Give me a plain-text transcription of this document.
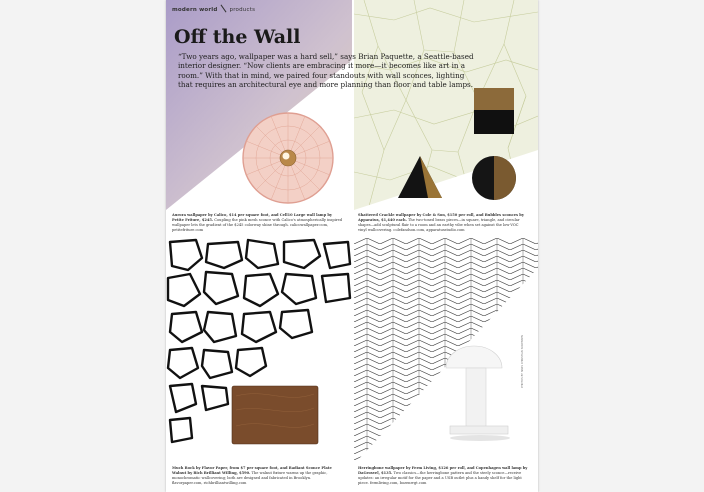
modern world products
Off the Wall

“Two years ago, wallpaper was a hard sell,” says Brian Paquette, a Seattle-based interior designer. “Now clients are embracing it more—it becomes like art in a room.” With that in mind, we paired four standouts with wall sconces, lighting that requires an architectural eye and more planning than floor and table lamps.

Aurora wallpaper by Calico, $14 per square foot, and Cell10 Large wall lamp by Petite Friture, $245. Coupling the pink mesh sconce with Calico's atmospherically inspired wallpaper lets the gradient of the $245 colorway shine through. calicowallpaper.com, petitefriture.com

Shattered Crackle wallpaper by Cole & Son, $150 per roll, and Bubbles sconces by Apparatus, $1,440 each. The two-toned brass pieces—in square, triangle, and circular shapes—add sculptural flair to a room and an earthy vibe when set against the low-VOC vinyl wallcovering. colefandson.com, apparatusstudio.com

Much Rock by Flavor Paper, from $7 per square foot, and Radiant Sconce Plate Walnut by Rich Brilliant Willing, $590. The walnut fixture warms up the graphic, monochromatic wallcovering; both are designed and fabricated in Brooklyn. flavorpaper.com, richbrilliantwilling.com

Herringbone wallpaper by Ferm Living, $126 per roll, and Copenhagen wall lamp by DaGrosvel, $135. Two classics—the herringbone pattern and the steely sconce—receive updates: an irregular motif for the paper and a USB outlet plus a handy shelf for the light piece. fermliving.com, bozenrrgt.com

PHOTOS BY HANS CHRISTIAN SORENSEN
